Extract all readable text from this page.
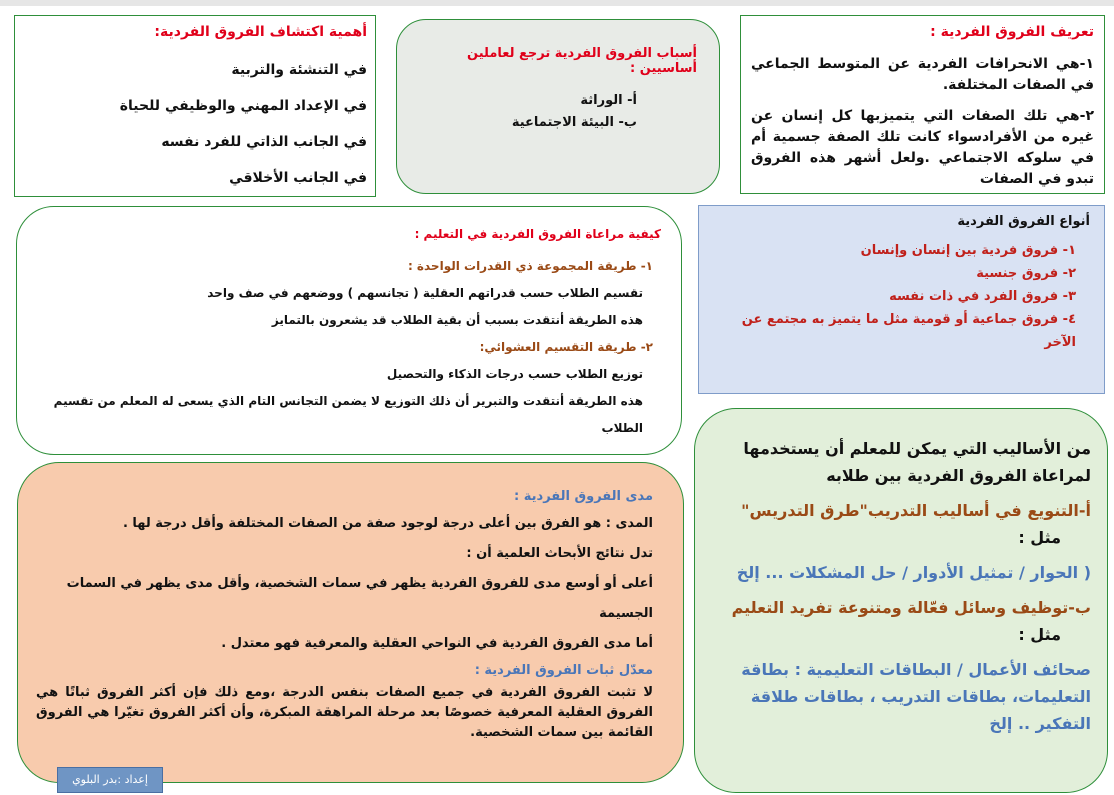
تعريف الفروق الفردية :

١-هي الانحرافات الفردية عن المتوسط الجماعي في الصفات المختلفة.

٢-هي تلك الصفات التي يتميزبها كل إنسان عن غيره من الأفرادسواء كانت تلك الصفة جسمية أم في سلوكه الاجتماعي .ولعل أشهر هذه الفروق تبدو في الصفات

أسباب الفروق الفردية ترجع لعاملين أساسيين :
أ- الوراثة
ب- البيئة الاجتماعية
أهمية اكتشاف الفروق الفردية:
في التنشئة والتربية
في الإعداد المهني والوظيفي للحياة
في الجانب الذاتي للفرد نفسه
في الجانب الأخلاقي
أنواع الفروق الفردية
١- فروق فردية بين إنسان وإنسان
٢- فروق جنسية
٣- فروق الفرد في ذات نفسه
٤- فروق جماعية أو قومية مثل ما يتميز به مجتمع عن الآخر
كيفية مراعاة الفروق الفردية في التعليم :
١- طريقة المجموعة ذي القدرات الواحدة :
تقسيم الطلاب حسب قدراتهم العقلية ( تجانسهم ) ووضعهم في صف واحد
هذه الطريقة أنتقدت بسبب أن بقية الطلاب قد يشعرون بالتمايز
٢- طريقة التقسيم العشوائي:
توزيع الطلاب حسب درجات الذكاء والتحصيل
هذه الطريقة أنتقدت والتبرير أن ذلك التوزيع لا يضمن التجانس التام الذي يسعى له المعلم من تقسيم الطلاب
من الأساليب التي يمكن للمعلم أن يستخدمها
لمراعاة الفروق الفردية بين طلابه
أ-التنويع في أساليب التدريب"طرق التدريس"
مثل :
( الحوار / تمثيل الأدوار / حل المشكلات ... إلخ
ب-توظيف وسائل فعّالة ومتنوعة تفريد التعليم
مثل :
صحائف الأعمال / البطاقات التعليمية : بطاقة التعليمات، بطاقات التدريب ، بطاقات طلاقة التفكير .. إلخ
مدى الفروق الفردية :
المدى : هو الفرق بين أعلى درجة لوجود صفة من الصفات المختلفة وأقل درجة لها .
تدل نتائج الأبحاث العلمية أن :
أعلى أو أوسع مدى للفروق الفردية يظهر في سمات الشخصية، وأقل مدى يظهر في السمات الجسيمة
أما مدى الفروق الفردية في النواحي العقلية والمعرفية فهو معتدل .
معدّل ثبات الفروق الفردية :
لا تثبت الفروق الفردية في جميع الصفات بنفس الدرجة ،ومع ذلك فإن أكثر الفروق ثباتًا هي الفروق العقلية المعرفية خصوصًا بعد مرحلة المراهقة المبكرة، وأن أكثر الفروق تغيّرا هي الفروق القائمة بين سمات الشخصية.
إعداد :بدر البلوي
